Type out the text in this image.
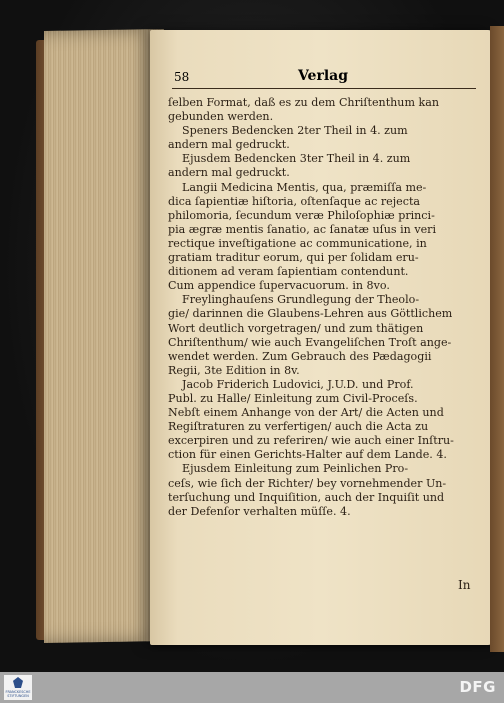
58	Verlag
ſelben Format, daß es zu dem Chriſtenthum kan
gebunden werden.
Speners Bedencken 2ter Theil in 4. zum
andern mal gedruckt.
Ejusdem Bedencken 3ter Theil in 4. zum
andern mal gedruckt.
Langii Medicina Mentis, qua, præmiſſa me-
dica ſapientiæ hiſtoria, oſtenſaque ac rejecta
philomoria, ſecundum veræ Philoſophiæ princi-
pia ægræ mentis ſanatio, ac ſanatæ uſus in veri
rectique inveſtigatione ac communicatione, in
gratiam traditur eorum, qui per ſolidam eru-
ditionem ad veram ſapientiam contendunt.
Cum appendice ſupervacuorum. in 8vo.
Freylinghauſens Grundlegung der Theolo-
gie/ darinnen die Glaubens-Lehren aus Göttlichem
Wort deutlich vorgetragen/ und zum thätigen
Chriſtenthum/ wie auch Evangeliſchen Troſt ange-
wendet werden. Zum Gebrauch des Pædagogii
Regii, 3te Edition in 8v.
Jacob Friderich Ludovici, J.U.D. und Prof.
Publ. zu Halle/ Einleitung zum Civil-Proceſs.
Nebſt einem Anhange von der Art/ die Acten und
Regiſtraturen zu verfertigen/ auch die Acta zu
excerpiren und zu referiren/ wie auch einer Inſtru-
ction für einen Gerichts-Halter auf dem Lande. 4.
Ejusdem Einleitung zum Peinlichen Pro-
ceſs, wie ſich der Richter/ bey vornehmender Un-
terſuchung und Inquiſition, auch der Inquiſit und
der Defenſor verhalten müſſe. 4.
In
FRANCKESCHE STIFTUNGEN	DFG
